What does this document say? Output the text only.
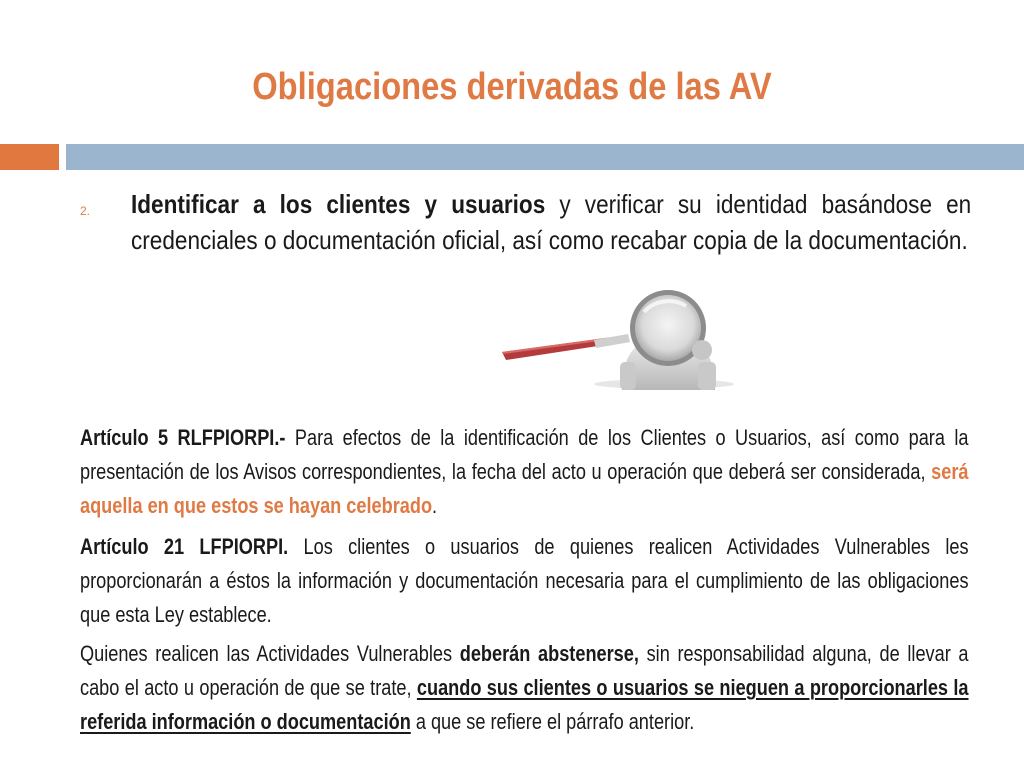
Obligaciones derivadas de las AV
2. Identificar a los clientes y usuarios y verificar su identidad basándose en credenciales o documentación oficial, así como recabar copia de la documentación.
Artículo 5 RLFPIORPI.- Para efectos de la identificación de los Clientes o Usuarios, así como para la presentación de los Avisos correspondientes, la fecha del acto u operación que deberá ser considerada, será aquella en que estos se hayan celebrado.
Artículo 21 LFPIORPI. Los clientes o usuarios de quienes realicen Actividades Vulnerables les proporcionarán a éstos la información y documentación necesaria para el cumplimiento de las obligaciones que esta Ley establece.
Quienes realicen las Actividades Vulnerables deberán abstenerse, sin responsabilidad alguna, de llevar a cabo el acto u operación de que se trate, cuando sus clientes o usuarios se nieguen a proporcionarles la referida información o documentación a que se refiere el párrafo anterior.
